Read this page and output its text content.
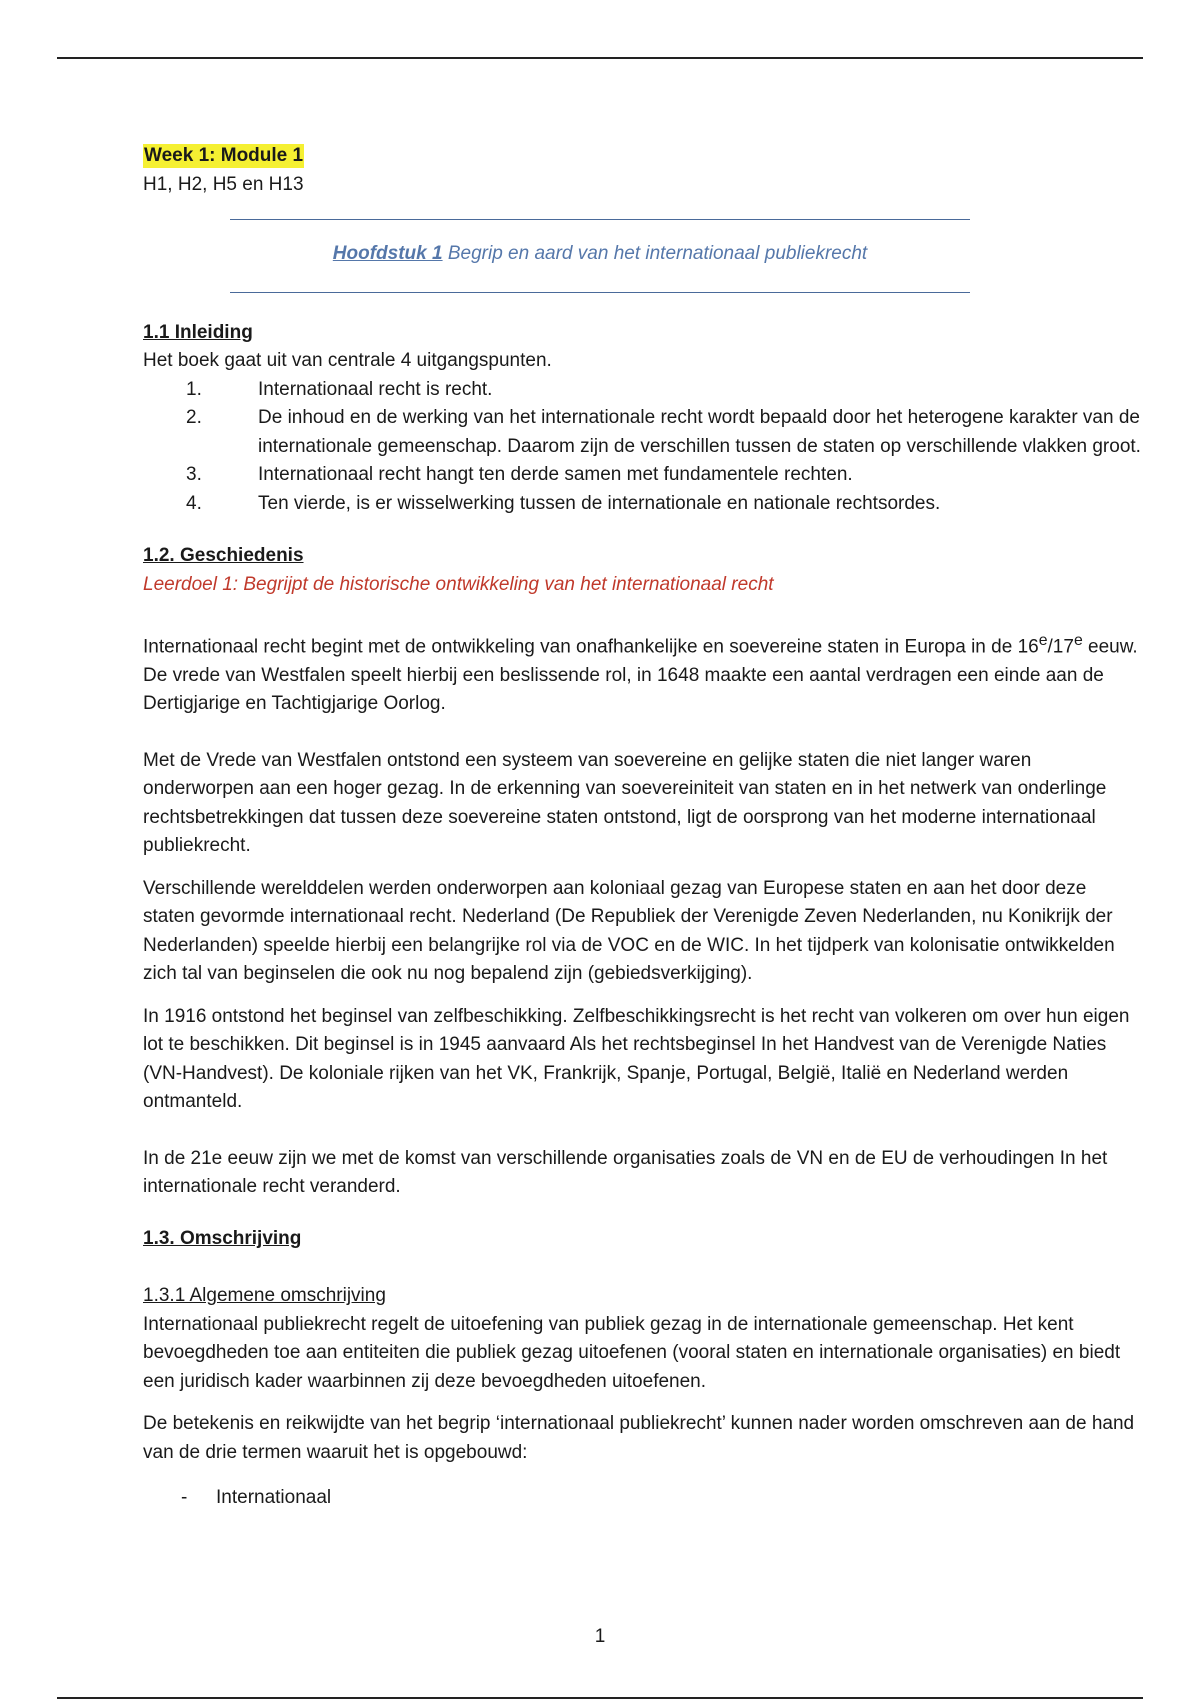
Week 1: Module 1

H1, H2, H5 en H13

Hoofdstuk 1 Begrip en aard van het internationaal publiekrecht

1.1 Inleiding

Het boek gaat uit van centrale 4 uitgangspunten.

1.	Internationaal recht is recht.
2.	De inhoud en de werking van het internationale recht wordt bepaald door het heterogene karakter van de internationale gemeenschap. Daarom zijn de verschillen tussen de staten op verschillende vlakken groot.
3.	Internationaal recht hangt ten derde samen met fundamentele rechten.
4.	Ten vierde, is er wisselwerking tussen de internationale en nationale rechtsordes.
1.2. Geschiedenis

Leerdoel 1: Begrijpt de historische ontwikkeling van het internationaal recht

Internationaal recht begint met de ontwikkeling van onafhankelijke en soevereine staten in Europa in de 16e/17e eeuw. De vrede van Westfalen speelt hierbij een beslissende rol, in 1648 maakte een aantal verdragen een einde aan de Dertigjarige en Tachtigjarige Oorlog.

Met de Vrede van Westfalen ontstond een systeem van soevereine en gelijke staten die niet langer waren onderworpen aan een hoger gezag. In de erkenning van soevereiniteit van staten en in het netwerk van onderlinge rechtsbetrekkingen dat tussen deze soevereine staten ontstond, ligt de oorsprong van het moderne internationaal publiekrecht.

Verschillende werelddelen werden onderworpen aan koloniaal gezag van Europese staten en aan het door deze staten gevormde internationaal recht. Nederland (De Republiek der Verenigde Zeven Nederlanden, nu Konikrijk der Nederlanden) speelde hierbij een belangrijke rol via de VOC en de WIC. In het tijdperk van kolonisatie ontwikkelden zich tal van beginselen die ook nu nog bepalend zijn (gebiedsverkijging).

In 1916 ontstond het beginsel van zelfbeschikking. Zelfbeschikkingsrecht is het recht van volkeren om over hun eigen lot te beschikken. Dit beginsel is in 1945 aanvaard Als het rechtsbeginsel In het Handvest van de Verenigde Naties (VN-Handvest). De koloniale rijken van het VK, Frankrijk, Spanje, Portugal, België, Italië en Nederland werden ontmanteld.

In de 21e eeuw zijn we met de komst van verschillende organisaties zoals de VN en de EU de verhoudingen In het internationale recht veranderd.

1.3. Omschrijving
1.3.1 Algemene omschrijving

Internationaal publiekrecht regelt de uitoefening van publiek gezag in de internationale gemeenschap. Het kent bevoegdheden toe aan entiteiten die publiek gezag uitoefenen (vooral staten en internationale organisaties) en biedt een juridisch kader waarbinnen zij deze bevoegdheden uitoefenen.

De betekenis en reikwijdte van het begrip ‘internationaal publiekrecht’ kunnen nader worden omschreven aan de hand van de drie termen waaruit het is opgebouwd:

- Internationaal
1
